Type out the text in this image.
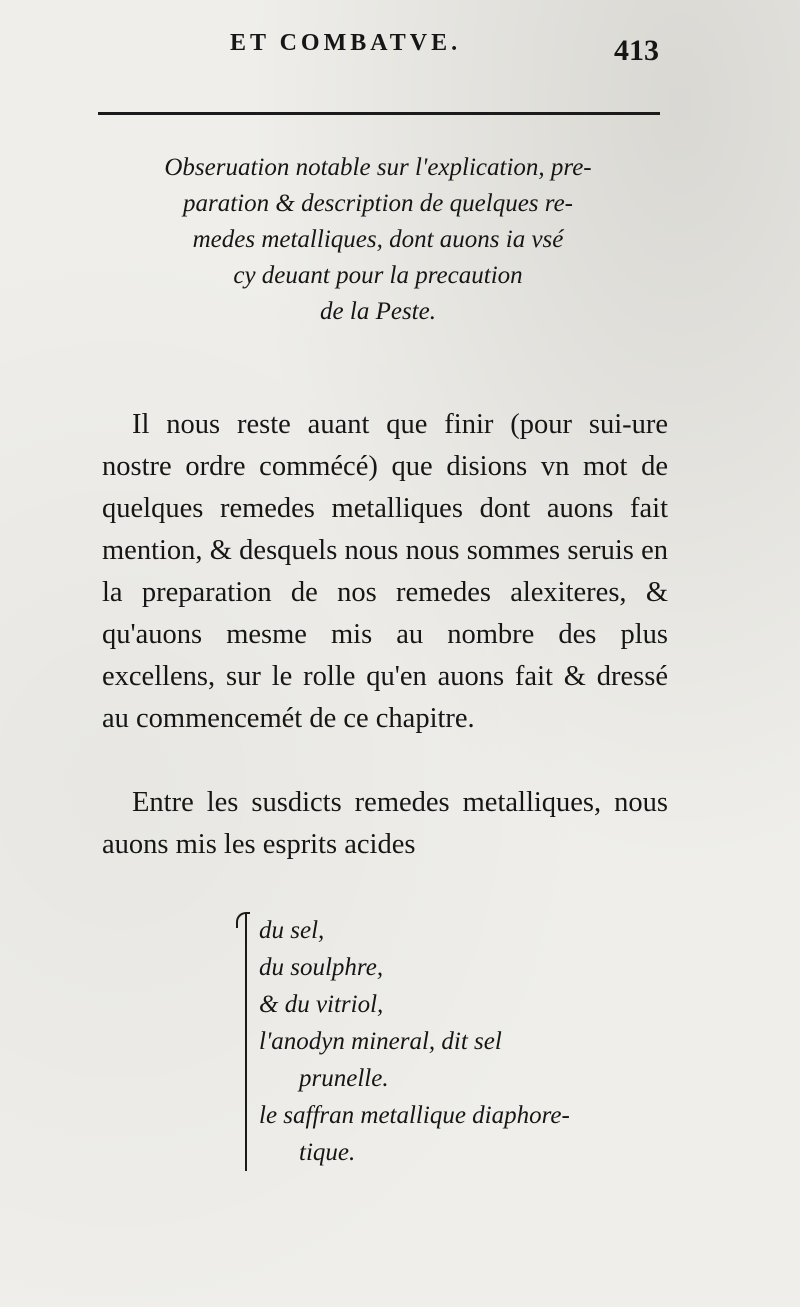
ET COMBATVE.	413
Obseruation notable sur l'explication, pre-
paration & description de quelques re-
medes metalliques, dont auons ia vsé
cy deuant pour la precaution
de la Peste.
Il nous reste auant que finir (pour sui-ure nostre ordre commécé) que disions vn mot de quelques remedes metalliques dont auons fait mention, & desquels nous nous sommes seruis en la preparation de nos remedes alexiteres, & qu'auons mesme mis au nombre des plus excellens, sur le rolle qu'en auons fait & dressé au commencemét de ce chapitre.
Entre les susdicts remedes metalliques, nous auons mis les esprits acides
du sel,
du soulphre,
& du vitriol,
l'anodyn mineral, dit sel
prunelle.
le saffran metallique diaphore-
tique.
